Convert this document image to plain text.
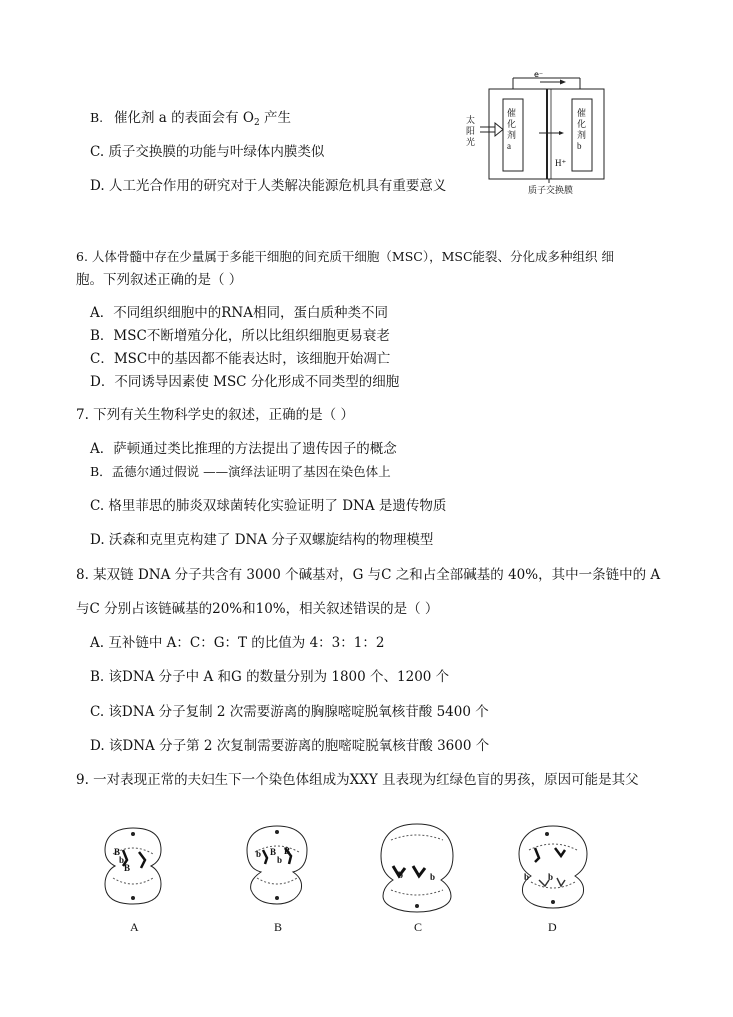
e⁻
太阳光
催化剂a
催化剂b
H⁺
质子交换膜
B. 催化剂 a 的表面会有 $O_2$ 产生
C. 质子交换膜的功能与叶绿体内膜类似
D. 人工光合作用的研究对于人类解决能源危机具有重要意义
6. 人体骨髓中存在少量属于多能干细胞的间充质干细胞（MSC），MSC能裂、分化成多种组织 细
胞。下列叙述正确的是（ ）
A．不同组织细胞中的RNA相同，蛋白质种类不同
B．MSC不断增殖分化，所以比组织细胞更易衰老
C．MSC中的基因都不能表达时，该细胞开始凋亡
D．不同诱导因素使 MSC 分化形成不同类型的细胞
7. 下列有关生物科学史的叙述，正确的是（ ）
A．萨顿通过类比推理的方法提出了遗传因子的概念
B．孟德尔通过假说 ——演绎法证明了基因在染色体上
C. 格里菲思的肺炎双球菌转化实验证明了 DNA 是遗传物质
D. 沃森和克里克构建了 DNA 分子双螺旋结构的物理模型
8. 某双链 DNA 分子共含有 3000 个碱基对，G 与C 之和占全部碱基的 40%，其中一条链中的 A
与C 分别占该链碱基的20%和10%，相关叙述错误的是（ ）
A. 互补链中 A：C：G：T 的比值为 4：3：1：2
B. 该DNA 分子中 A 和G 的数量分别为 1800 个、1200 个
C. 该DNA 分子复制 2 次需要游离的胸腺嘧啶脱氧核苷酸 5400 个
D. 该DNA 分子第 2 次复制需要游离的胞嘧啶脱氧核苷酸 3600 个
9. 一对表现正常的夫妇生下一个染色体组成为XXY 且表现为红绿色盲的男孩，原因可能是其父
B
b
B
b B
b
B
b	b	b b
A	B	C	D
